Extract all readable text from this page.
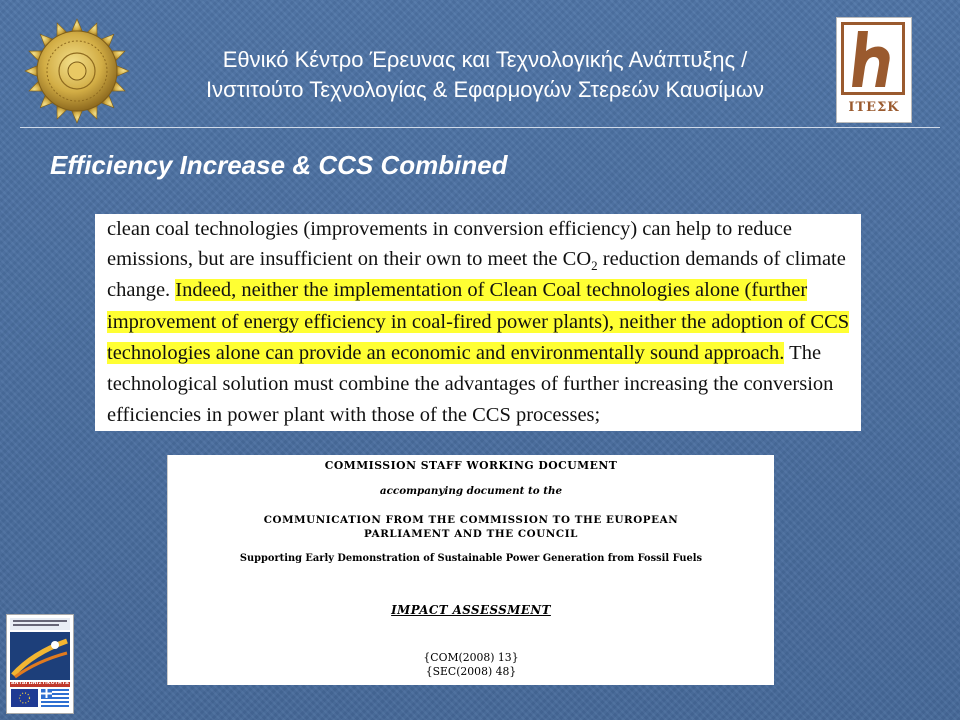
Εθνικό Κέντρο Έρευνας και Τεχνολογικής Ανάπτυξης /
Ινστιτούτο Τεχνολογίας & Εφαρμογών Στερεών Καυσίμων
ITEΣK
Efficiency Increase & CCS Combined
clean coal technologies (improvements in conversion efficiency) can help to reduce
emissions, but are insufficient on their own to meet the $CO_2$ reduction demands of climate
change. Indeed, neither the implementation of Clean Coal technologies alone (further
improvement of energy efficiency in coal-fired power plants), neither the adoption of CCS
technologies alone can provide an economic and environmentally sound approach. The
technological solution must combine the advantages of further increasing the conversion
efficiencies in power plant with those of the CCS processes;
COMMISSION STAFF WORKING DOCUMENT
accompanying document to the
COMMUNICATION FROM THE COMMISSION TO THE EUROPEAN
PARLIAMENT AND THE COUNCIL
Supporting Early Demonstration of Sustainable Power Generation from Fossil Fuels
IMPACT ASSESSMENT
{COM(2008) 13}
{SEC(2008) 48}
ΑΝΤΑΓΩΝΙΣΤΙΚΟΤΗΤΑ
